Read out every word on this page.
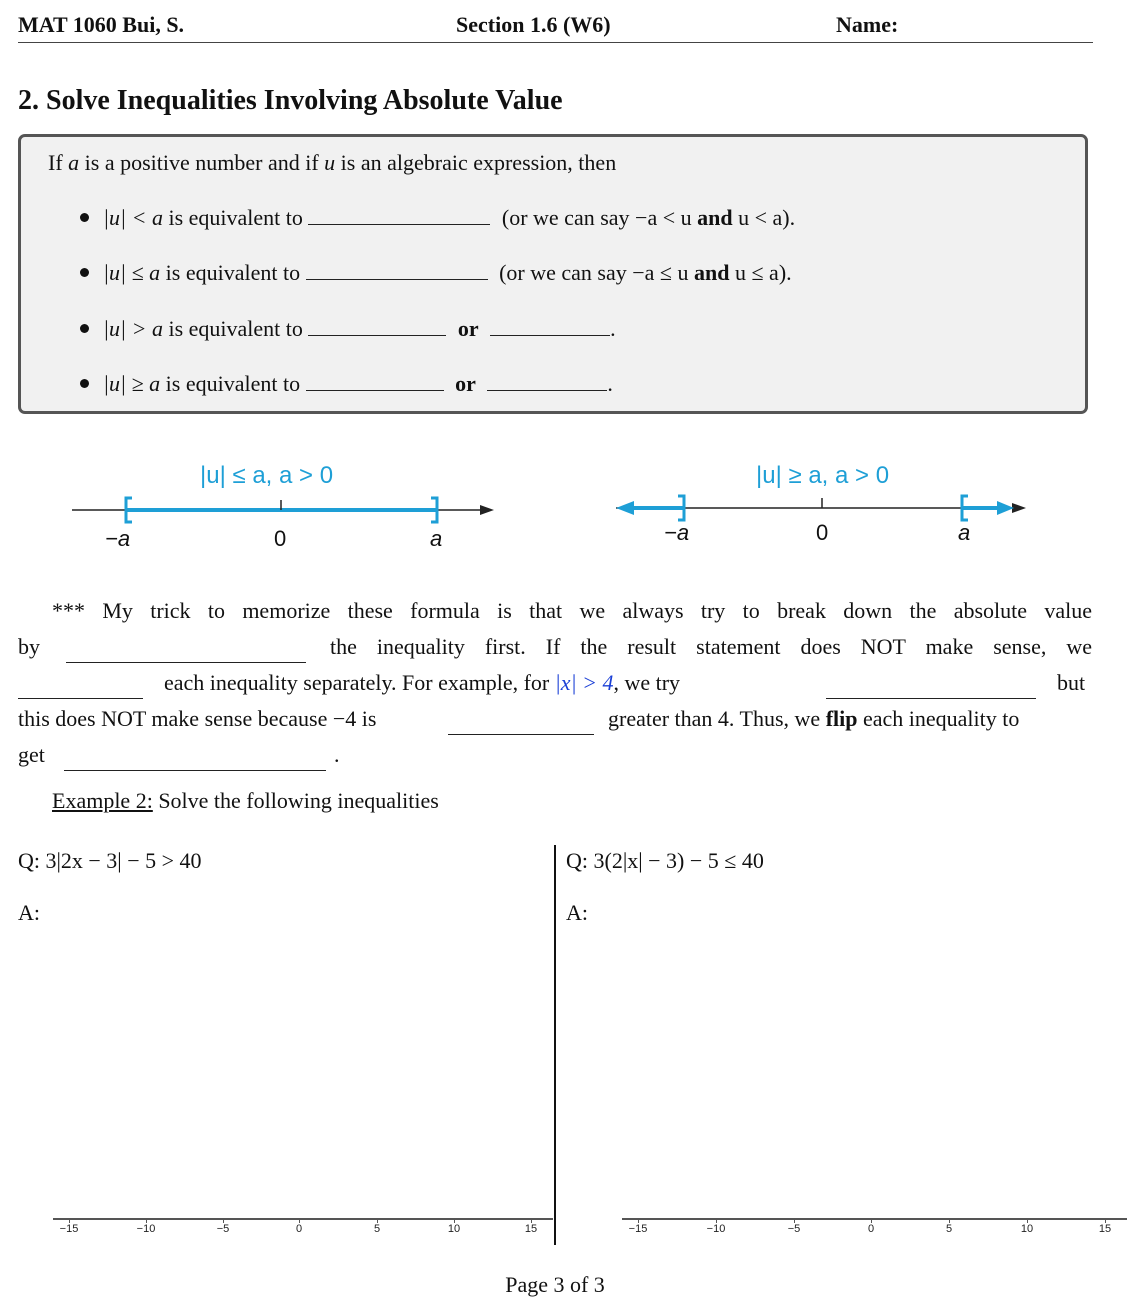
MAT 1060 Bui, S.	Section 1.6 (W6)	Name:
2. Solve Inequalities Involving Absolute Value
If a is a positive number and if u is an algebraic expression, then
|u| < a is equivalent to	(or we can say −a < u and u < a).
|u| ≤ a is equivalent to	(or we can say −a ≤ u and u ≤ a).
|u| > a is equivalent to	or	.
|u| ≥ a is equivalent to	or	.
|u| ≤ a, a > 0
−a	0	a
|u| ≥ a, a > 0
−a	0	a
*** My trick to memorize these formula is that we always try to break down the absolute value
by	the inequality first. If the result statement does NOT make sense, we
each inequality separately. For example, for |x| > 4, we try	but
this does NOT make sense because −4 is	greater than 4. Thus, we flip each inequality to
get	.
Example 2: Solve the following inequalities
Q: 3|2x − 3| − 5 > 40
A:
Q: 3(2|x| − 3) − 5 ≤ 40
A:
−15	−10	−5	0	5	10	15	−15	−10	−5	0	5	10	15
Page 3 of 3
